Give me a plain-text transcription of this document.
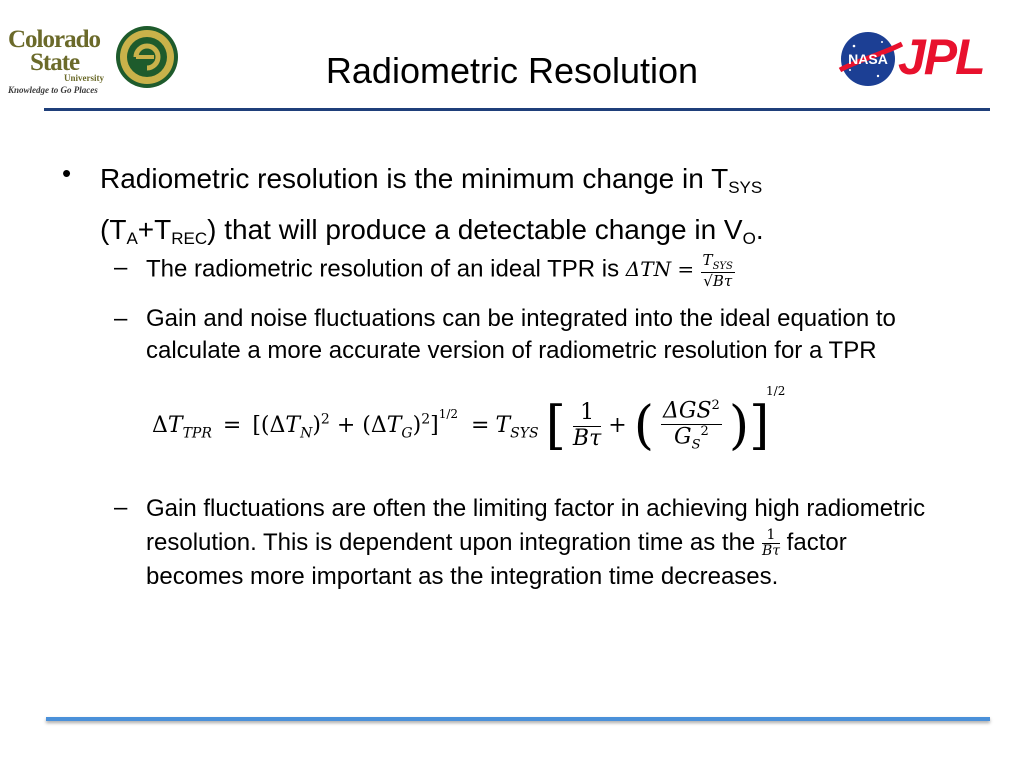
Colorado
State
University
Knowledge to Go Places	Radiometric Resolution	NASA JPL
• Radiometric resolution is the minimum change in $T_{SYS}$
$(T_A+T_{REC})$ that will produce a detectable change in $V_O$.
– The radiometric resolution of an ideal TPR is $\Delta TN = \frac{T_{SYS}}{√B\tau}$
– Gain and noise fluctuations can be integrated into the ideal equation to calculate a more accurate version of radiometric resolution for a TPR
$\Delta T_{TPR} = [(\Delta T_N)^2 + (\Delta T_G)^2]^{1/2} = T_{SYS}$ [ $\frac{1}{B\tau}$ + ( $\frac{\Delta GS^2}{G_S^2}$ )]
1/2
– Gain fluctuations are often the limiting factor in achieving high radiometric resolution. This is dependent upon integration time as the $\frac{1}{B\tau}$ factor becomes more important as the integration time decreases.
